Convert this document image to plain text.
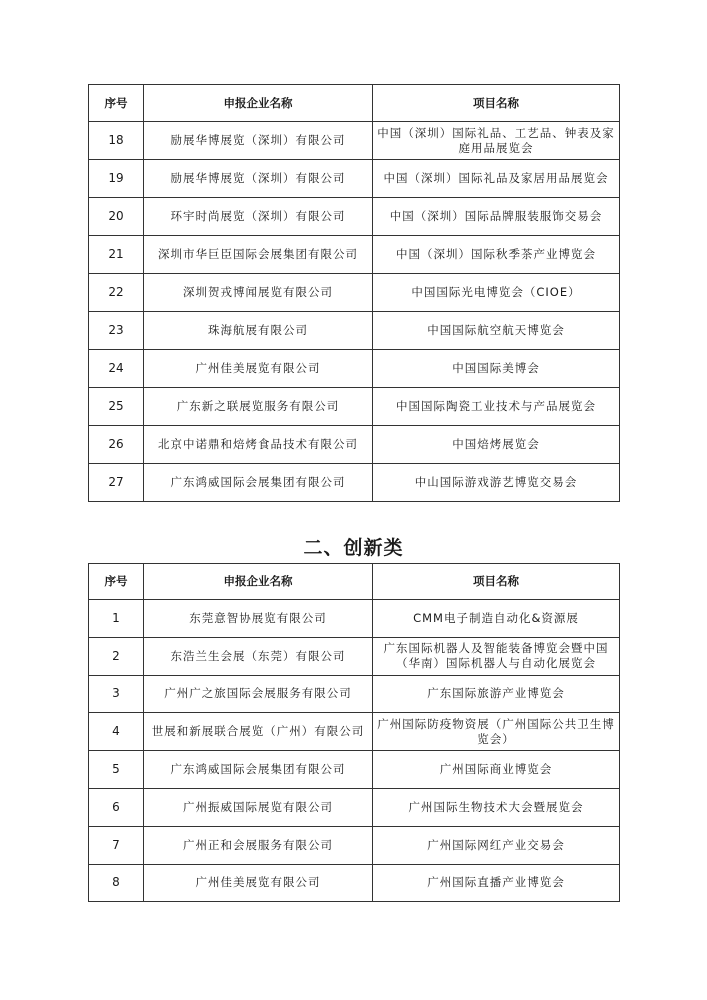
序号	申报企业名称	项目名称
18	励展华博展览（深圳）有限公司	中国（深圳）国际礼品、工艺品、钟表及家庭用品展览会
19	励展华博展览（深圳）有限公司	中国（深圳）国际礼品及家居用品展览会
20	环宇时尚展览（深圳）有限公司	中国（深圳）国际品牌服装服饰交易会
21	深圳市华巨臣国际会展集团有限公司	中国（深圳）国际秋季茶产业博览会
22	深圳贺戎博闻展览有限公司	中国国际光电博览会（CIOE）
23	珠海航展有限公司	中国国际航空航天博览会
24	广州佳美展览有限公司	中国国际美博会
25	广东新之联展览服务有限公司	中国国际陶瓷工业技术与产品展览会
26	北京中诺鼎和焙烤食品技术有限公司	中国焙烤展览会
27	广东鸿威国际会展集团有限公司	中山国际游戏游艺博览交易会
二、创新类
序号	申报企业名称	项目名称
1	东莞意智协展览有限公司	CMM电子制造自动化&资源展
2	东浩兰生会展（东莞）有限公司	广东国际机器人及智能装备博览会暨中国（华南）国际机器人与自动化展览会
3	广州广之旅国际会展服务有限公司	广东国际旅游产业博览会
4	世展和新展联合展览（广州）有限公司	广州国际防疫物资展（广州国际公共卫生博览会）
5	广东鸿威国际会展集团有限公司	广州国际商业博览会
6	广州振威国际展览有限公司	广州国际生物技术大会暨展览会
7	广州正和会展服务有限公司	广州国际网红产业交易会
8	广州佳美展览有限公司	广州国际直播产业博览会
